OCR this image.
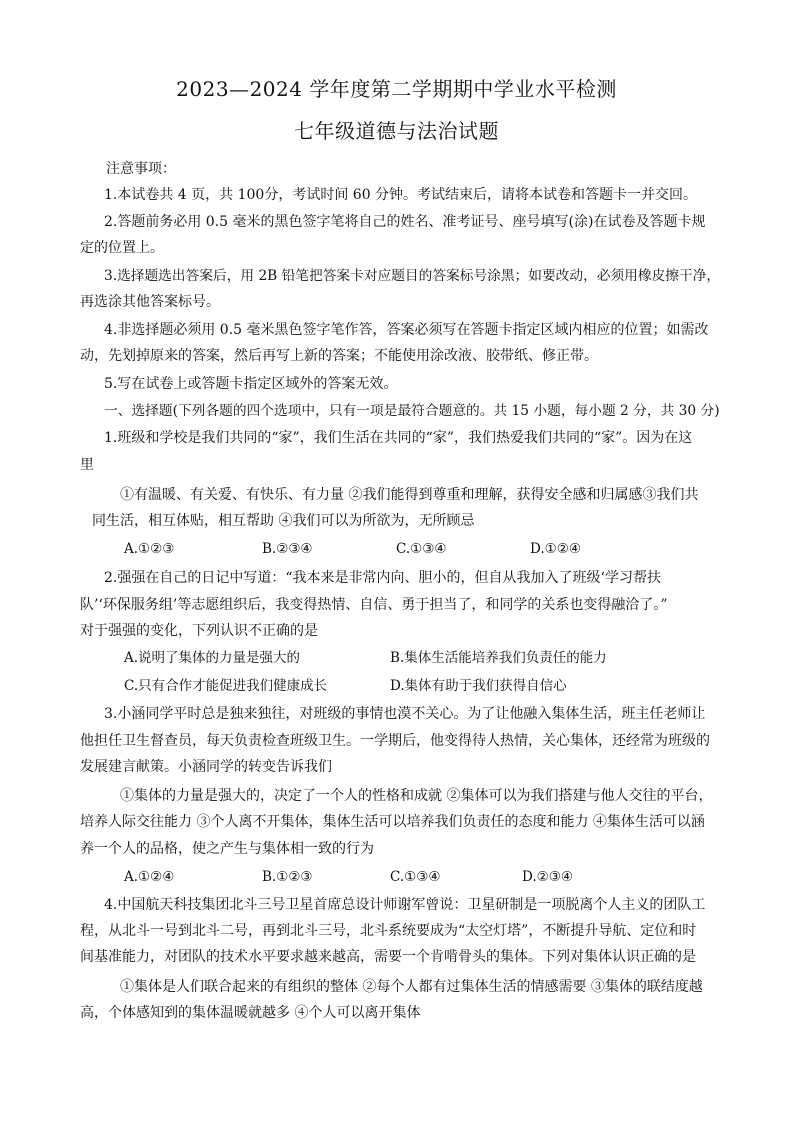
2023—2024 学年度第二学期期中学业水平检测
七年级道德与法治试题
注意事项：
1.本试卷共 4 页，共 100分，考试时间 60 分钟。考试结束后，请将本试卷和答题卡一并交回。
2.答题前务必用 0.5 毫米的黑色签字笔将自己的姓名、准考证号、座号填写(涂)在试卷及答题卡规
定的位置上。
3.选择题选出答案后，用 2B 铅笔把答案卡对应题目的答案标号涂黑；如要改动，必须用橡皮擦干净，
再选涂其他答案标号。
4.非选择题必须用 0.5 毫米黑色签字笔作答，答案必须写在答题卡指定区域内相应的位置；如需改
动，先划掉原来的答案，然后再写上新的答案；不能使用涂改液、胶带纸、修正带。
5.写在试卷上或答题卡指定区域外的答案无效。
一、选择题(下列各题的四个选项中，只有一项是最符合题意的。共 15 小题，每小题 2 分，共 30 分)
1.班级和学校是我们共同的“家”，我们生活在共同的“家”，我们热爱我们共同的“家”。因为在这
里
①有温暖、有关爱、有快乐、有力量 ②我们能得到尊重和理解，获得安全感和归属感③我们共
同生活，相互体贴，相互帮助 ④我们可以为所欲为，无所顾忌
A.①②③	B.②③④	C.①③④	D.①②④
2.强强在自己的日记中写道：“我本来是非常内向、胆小的，但自从我加入了班级‘学习帮扶
队’‘环保服务组’等志愿组织后，我变得热情、自信、勇于担当了，和同学的关系也变得融洽了。”
对于强强的变化，下列认识不正确的是
A.说明了集体的力量是强大的	B.集体生活能培养我们负责任的能力
C.只有合作才能促进我们健康成长	D.集体有助于我们获得自信心
3.小涵同学平时总是独来独往，对班级的事情也漠不关心。为了让他融入集体生活，班主任老师让
他担任卫生督查员，每天负责检查班级卫生。一学期后，他变得待人热情，关心集体，还经常为班级的
发展建言献策。小涵同学的转变告诉我们
①集体的力量是强大的，决定了一个人的性格和成就 ②集体可以为我们搭建与他人交往的平台，
培养人际交往能力 ③个人离不开集体，集体生活可以培养我们负责任的态度和能力 ④集体生活可以涵
养一个人的品格，使之产生与集体相一致的行为
A.①②④	B.①②③	C.①③④	D.②③④
4.中国航天科技集团北斗三号卫星首席总设计师谢军曾说：卫星研制是一项脱离个人主义的团队工
程，从北斗一号到北斗二号，再到北斗三号，北斗系统要成为“太空灯塔”，不断提升导航、定位和时
间基准能力，对团队的技术水平要求越来越高，需要一个肯啃骨头的集体。下列对集体认识正确的是
①集体是人们联合起来的有组织的整体 ②每个人都有过集体生活的情感需要 ③集体的联结度越
高，个体感知到的集体温暖就越多 ④个人可以离开集体
